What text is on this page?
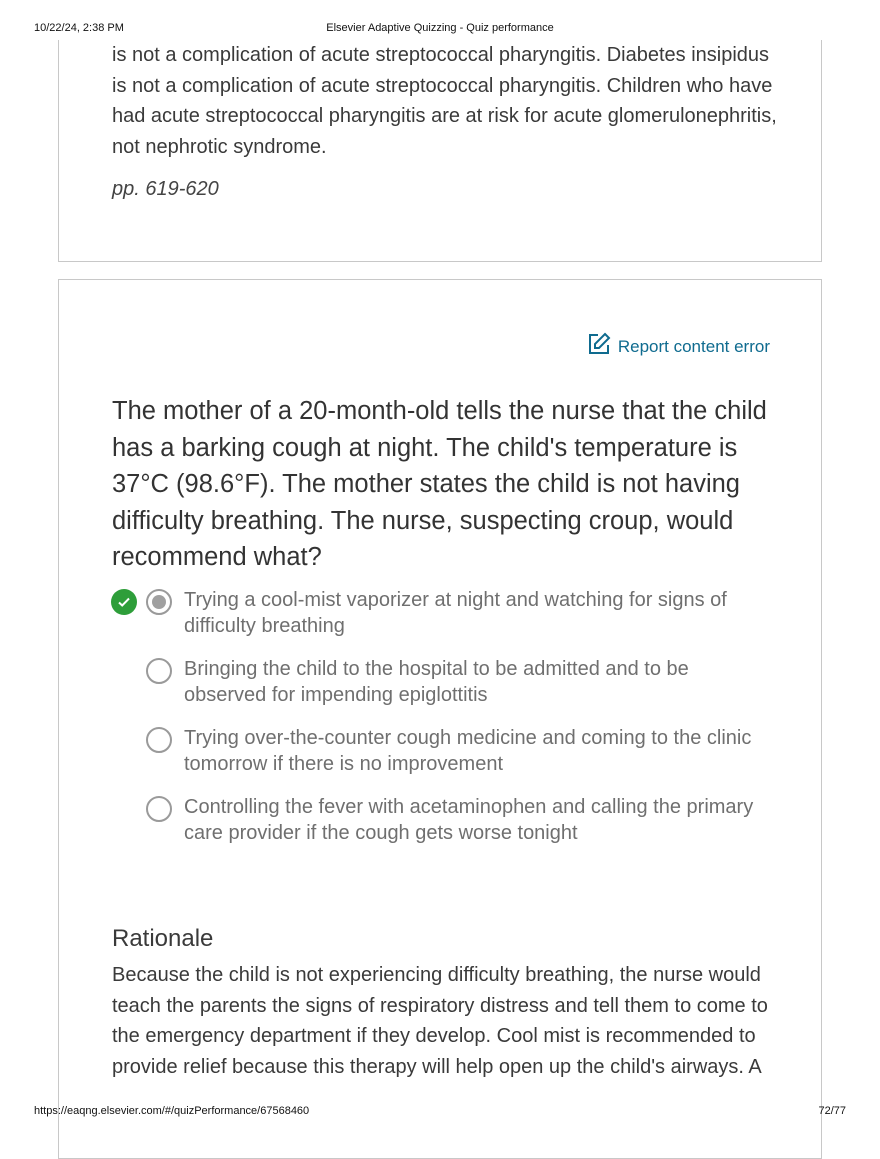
10/22/24, 2:38 PM	Elsevier Adaptive Quizzing - Quiz performance
is not a complication of acute streptococcal pharyngitis. Diabetes insipidus is not a complication of acute streptococcal pharyngitis. Children who have had acute streptococcal pharyngitis are at risk for acute glomerulonephritis, not nephrotic syndrome.
pp. 619-620
Report content error
The mother of a 20-month-old tells the nurse that the child has a barking cough at night. The child's temperature is 37°C (98.6°F). The mother states the child is not having difficulty breathing. The nurse, suspecting croup, would recommend what?
Trying a cool-mist vaporizer at night and watching for signs of difficulty breathing
Bringing the child to the hospital to be admitted and to be observed for impending epiglottitis
Trying over-the-counter cough medicine and coming to the clinic tomorrow if there is no improvement
Controlling the fever with acetaminophen and calling the primary care provider if the cough gets worse tonight
Rationale
Because the child is not experiencing difficulty breathing, the nurse would teach the parents the signs of respiratory distress and tell them to come to the emergency department if they develop. Cool mist is recommended to provide relief because this therapy will help open up the child's airways. A
https://eaqng.elsevier.com/#/quizPerformance/67568460	72/77
